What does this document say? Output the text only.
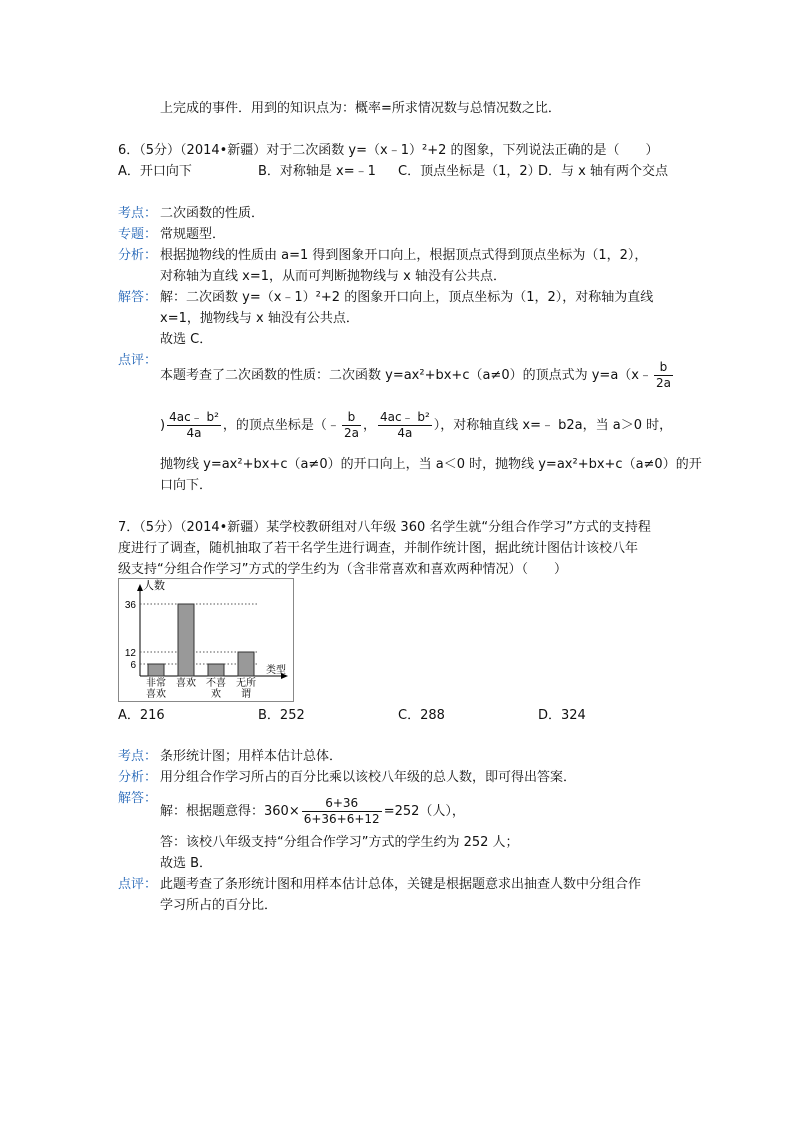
上完成的事件．用到的知识点为：概率=所求情况数与总情况数之比．
6．（5分）（2014•新疆）对于二次函数 y=（x﹣1）²+2 的图象，下列说法正确的是（　　）
A．开口向下	B．对称轴是 x=﹣1 C．顶点坐标是（1，2）
D．与 x 轴有两个交点
考点： 二次函数的性质．
专题： 常规题型．
分析： 根据抛物线的性质由 a=1 得到图象开口向上，根据顶点式得到顶点坐标为（1，2），
对称轴为直线 x=1，从而可判断抛物线与 x 轴没有公共点．
解答： 解：二次函数 y=（x﹣1）²+2 的图象开口向上，顶点坐标为（1，2），对称轴为直线
x=1，抛物线与 x 轴没有公共点．
故选 C．
点评：
本题考查了二次函数的性质：二次函数 y=ax²+bx+c（a≠0）的顶点式为 y=a（x﹣ $\frac{b}{2a}$
) $\frac{\text{4ac﹣ b²}}{4a}$ ，的顶点坐标是（﹣ $\frac{b}{2a}$ ， $\frac{\text{4ac﹣ b²}}{4a}$ ），对称轴直线 x=﹣ b2a，当 a＞0 时，
抛物线 y=ax²+bx+c（a≠0）的开口向上，当 a＜0 时，抛物线 y=ax²+bx+c（a≠0）的开
口向下．
7．（5分）（2014•新疆）某学校教研组对八年级 360 名学生就“分组合作学习”方式的支持程
度进行了调查，随机抽取了若干名学生进行调查，并制作统计图，据此统计图估计该校八年
级支持“分组合作学习”方式的学生约为（含非常喜欢和喜欢两种情况）（　　）
人数
类型
6
12
36
非常
喜欢
喜欢 不喜
欢
无所
谓
A．216	B．252	C．288	D．324
考点： 条形统计图；用样本估计总体．
分析： 用分组合作学习所占的百分比乘以该校八年级的总人数，即可得出答案．
解答：
解：根据题意得：$360\times \frac{6+36}{6+36+6+12} =252$（人），
答：该校八年级支持“分组合作学习”方式的学生约为 252 人；
故选 B．
点评： 此题考查了条形统计图和用样本估计总体，关键是根据题意求出抽查人数中分组合作
学习所占的百分比．
